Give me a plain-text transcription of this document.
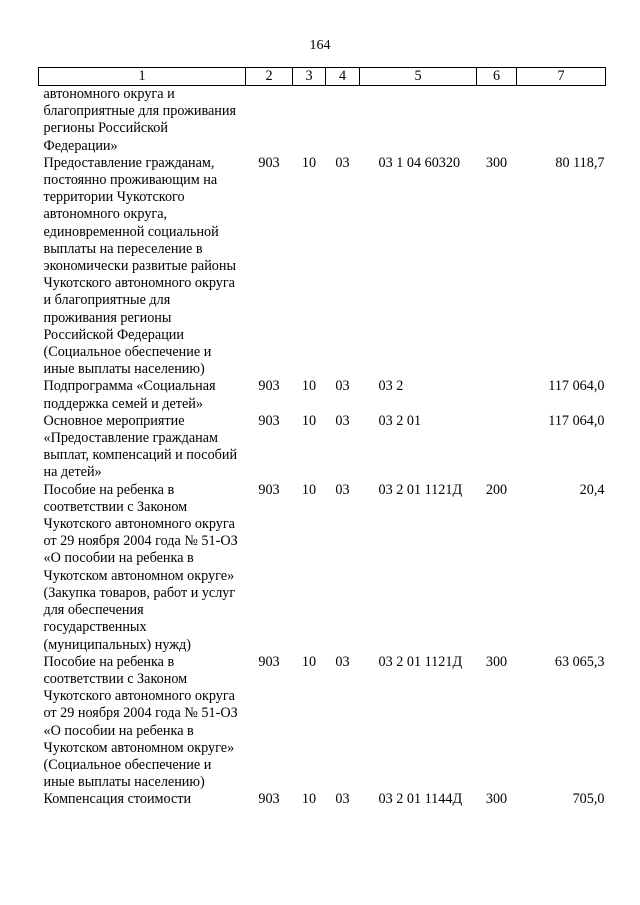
164
1	2	3	4	5	6	7
автономного округа и благоприятные для проживания регионы Российской Федерации»						
Предоставление гражданам, постоянно проживающим на территории Чукотского автономного округа, единовременной социальной выплаты на переселение в экономически развитые районы Чукотского автономного округа и благоприятные для проживания регионы Российской Федерации (Социальное обеспечение и иные выплаты населению)	903	10	03	03 1 04 60320	300	80 118,7
Подпрограмма «Социальная поддержка семей и детей»	903	10	03	03 2		117 064,0
Основное мероприятие «Предоставление гражданам выплат, компенсаций и пособий на детей»	903	10	03	03 2 01		117 064,0
Пособие на ребенка в соответствии с Законом Чукотского автономного округа от 29 ноября 2004 года № 51-ОЗ «О пособии на ребенка в Чукотском автономном округе» (Закупка товаров, работ и услуг для обеспечения государственных (муниципальных) нужд)	903	10	03	03 2 01 1121Д	200	20,4
Пособие на ребенка в соответствии с Законом Чукотского автономного округа от 29 ноября 2004 года № 51-ОЗ «О пособии на ребенка в Чукотском автономном округе» (Социальное обеспечение и иные выплаты населению)	903	10	03	03 2 01 1121Д	300	63 065,3
Компенсация стоимости	903	10	03	03 2 01 1144Д	300	705,0
